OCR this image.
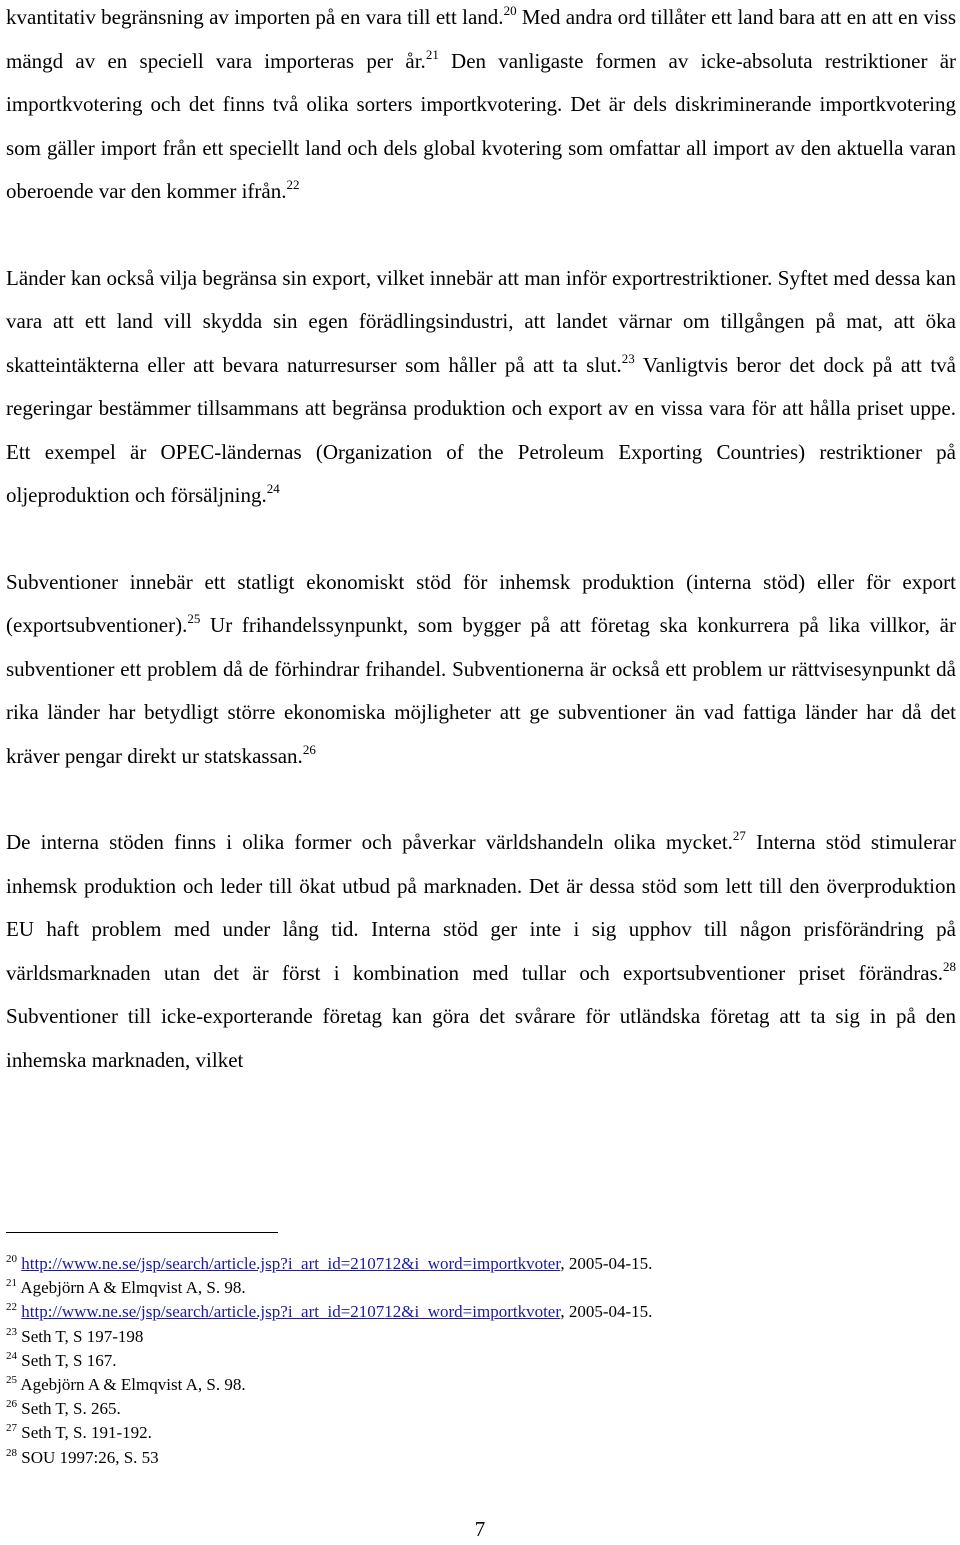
kvantitativ begränsning av importen på en vara till ett land.$^{20}$ Med andra ord tillåter ett land bara att en att en viss mängd av en speciell vara importeras per år.$^{21}$ Den vanligaste formen av icke-absoluta restriktioner är importkvotering och det finns två olika sorters importkvotering. Det är dels diskriminerande importkvotering som gäller import från ett speciellt land och dels global kvotering som omfattar all import av den aktuella varan oberoende var den kommer ifrån.$^{22}$

Länder kan också vilja begränsa sin export, vilket innebär att man inför exportrestriktioner. Syftet med dessa kan vara att ett land vill skydda sin egen förädlingsindustri, att landet värnar om tillgången på mat, att öka skatteintäkterna eller att bevara naturresurser som håller på att ta slut.$^{23}$ Vanligtvis beror det dock på att två regeringar bestämmer tillsammans att begränsa produktion och export av en vissa vara för att hålla priset uppe. Ett exempel är OPEC-ländernas (Organization of the Petroleum Exporting Countries) restriktioner på oljeproduktion och försäljning.$^{24}$

Subventioner innebär ett statligt ekonomiskt stöd för inhemsk produktion (interna stöd) eller för export (exportsubventioner).$^{25}$ Ur frihandelssynpunkt, som bygger på att företag ska konkurrera på lika villkor, är subventioner ett problem då de förhindrar frihandel. Subventionerna är också ett problem ur rättvisesynpunkt då rika länder har betydligt större ekonomiska möjligheter att ge subventioner än vad fattiga länder har då det kräver pengar direkt ur statskassan.$^{26}$

De interna stöden finns i olika former och påverkar världshandeln olika mycket.$^{27}$ Interna stöd stimulerar inhemsk produktion och leder till ökat utbud på marknaden. Det är dessa stöd som lett till den överproduktion EU haft problem med under lång tid. Interna stöd ger inte i sig upphov till någon prisförändring på världsmarknaden utan det är först i kombination med tullar och exportsubventioner priset förändras.$^{28}$ Subventioner till icke-exporterande företag kan göra det svårare för utländska företag att ta sig in på den inhemska marknaden, vilket

$^{20}$ http://www.ne.se/jsp/search/article.jsp?i_art_id=210712&i_word=importkvoter, 2005-04-15.

$^{21}$ Agebjörn A & Elmqvist A, S. 98.

$^{22}$ http://www.ne.se/jsp/search/article.jsp?i_art_id=210712&i_word=importkvoter, 2005-04-15.

$^{23}$ Seth T, S 197-198

$^{24}$ Seth T, S 167.

$^{25}$ Agebjörn A & Elmqvist A, S. 98.

$^{26}$ Seth T, S. 265.

$^{27}$ Seth T, S. 191-192.

$^{28}$ SOU 1997:26, S. 53

7
